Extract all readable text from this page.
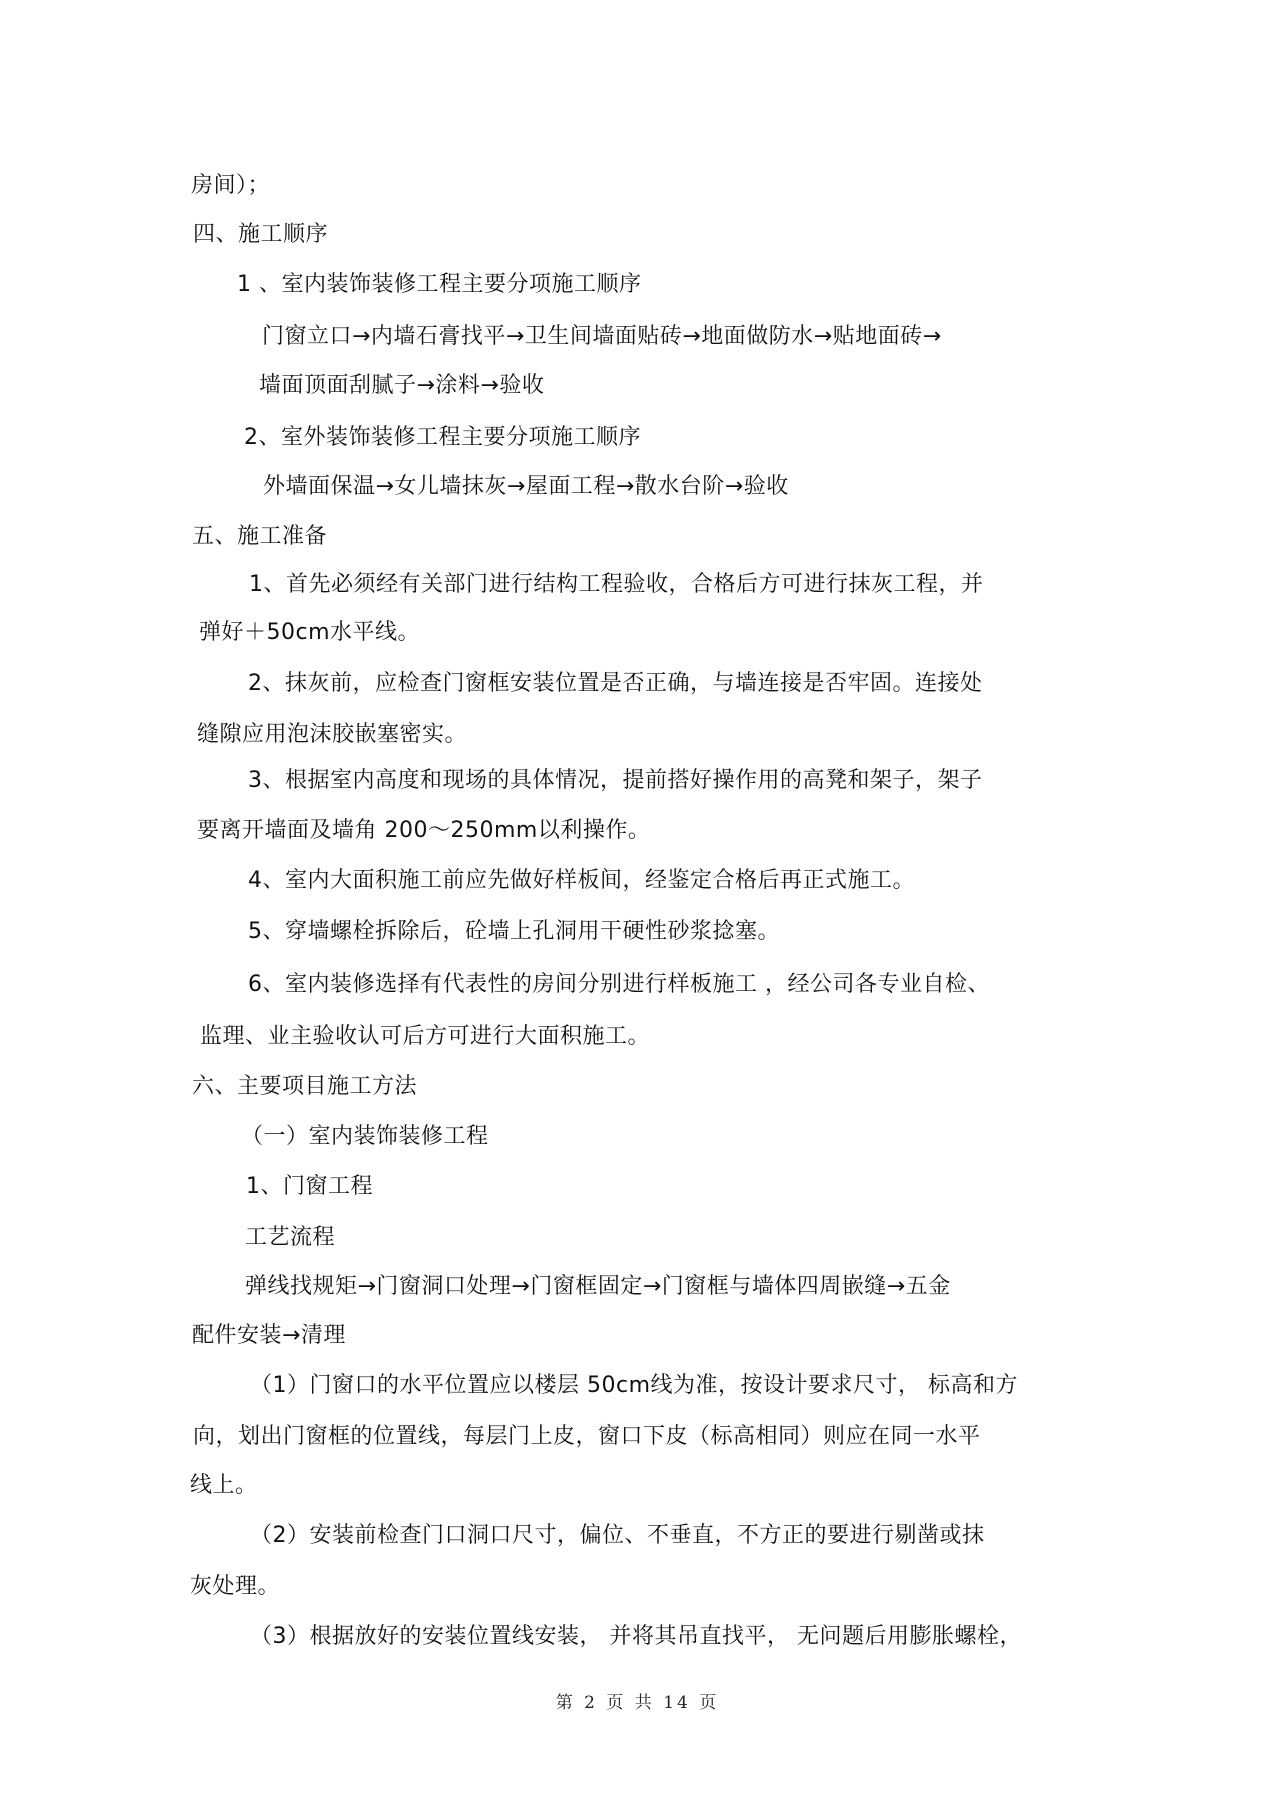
房间）；
四、施工顺序
1 、室内装饰装修工程主要分项施工顺序
门窗立口→内墙石膏找平→卫生间墙面贴砖→地面做防水→贴地面砖→
墙面顶面刮腻子→涂料→验收
2、室外装饰装修工程主要分项施工顺序
外墙面保温→女儿墙抹灰→屋面工程→散水台阶→验收
五、施工准备
1、首先必须经有关部门进行结构工程验收，合格后方可进行抹灰工程，并
弹好＋50cm水平线。
2、抹灰前，应检查门窗框安装位置是否正确，与墙连接是否牢固。连接处
缝隙应用泡沫胶嵌塞密实。
3、根据室内高度和现场的具体情况，提前搭好操作用的高凳和架子，架子
要离开墙面及墙角 200～250mm以利操作。
4、室内大面积施工前应先做好样板间，经鉴定合格后再正式施工。
5、穿墙螺栓拆除后，砼墙上孔洞用干硬性砂浆捻塞。
6、室内装修选择有代表性的房间分别进行样板施工 ，经公司各专业自检、
监理、业主验收认可后方可进行大面积施工。
六、主要项目施工方法
（一）室内装饰装修工程
1、门窗工程
工艺流程
弹线找规矩→门窗洞口处理→门窗框固定→门窗框与墙体四周嵌缝→五金
配件安装→清理
（1）门窗口的水平位置应以楼层 50cm线为准，按设计要求尺寸， 标高和方
向，划出门窗框的位置线，每层门上皮，窗口下皮（标高相同）则应在同一水平
线上。
（2）安装前检查门口洞口尺寸，偏位、不垂直，不方正的要进行剔凿或抹
灰处理。
（3）根据放好的安装位置线安装， 并将其吊直找平， 无问题后用膨胀螺栓，
第 2 页 共 14 页
